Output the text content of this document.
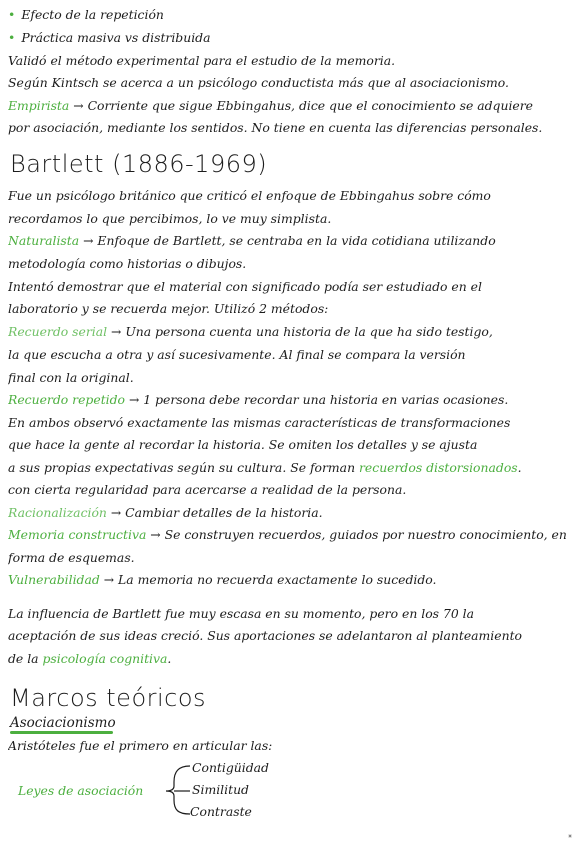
• Efecto de la repetición
• Práctica masiva vs distribuida
Validó el método experimental para el estudio de la memoria.
Según Kintsch se acerca a un psicólogo conductista más que al asociacionismo.
Empirista → Corriente que sigue Ebbingahus, dice que el conocimiento se adquiere
por asociación, mediante los sentidos. No tiene en cuenta las diferencias personales.
Bartlett (1886-1969)
Fue un psicólogo británico que criticó el enfoque de Ebbingahus sobre cómo
recordamos lo que percibimos, lo ve muy simplista.
Naturalista → Enfoque de Bartlett, se centraba en la vida cotidiana utilizando
metodología como historias o dibujos.
Intentó demostrar que el material con significado podía ser estudiado en el
laboratorio y se recuerda mejor. Utilizó 2 métodos:
Recuerdo serial → Una persona cuenta una historia de la que ha sido testigo,
la que escucha a otra y así sucesivamente. Al final se compara la versión
final con la original.
Recuerdo repetido → 1 persona debe recordar una historia en varias ocasiones.
En ambos observó exactamente las mismas características de transformaciones
que hace la gente al recordar la historia. Se omiten los detalles y se ajusta
a sus propias expectativas según su cultura. Se forman recuerdos distorsionados.
con cierta regularidad para acercarse a realidad de la persona.
Racionalización → Cambiar detalles de la historia.
Memoria constructiva → Se construyen recuerdos, guiados por nuestro conocimiento, en
forma de esquemas.
Vulnerabilidad → La memoria no recuerda exactamente lo sucedido.
La influencia de Bartlett fue muy escasa en su momento, pero en los 70 la
aceptación de sus ideas creció. Sus aportaciones se adelantaron al planteamiento
de la psicología cognitiva.
Marcos teóricos
Asociacionismo
Aristóteles fue el primero en articular las:
Leyes de asociación
Contigüidad
Similitud
Contraste
▣
